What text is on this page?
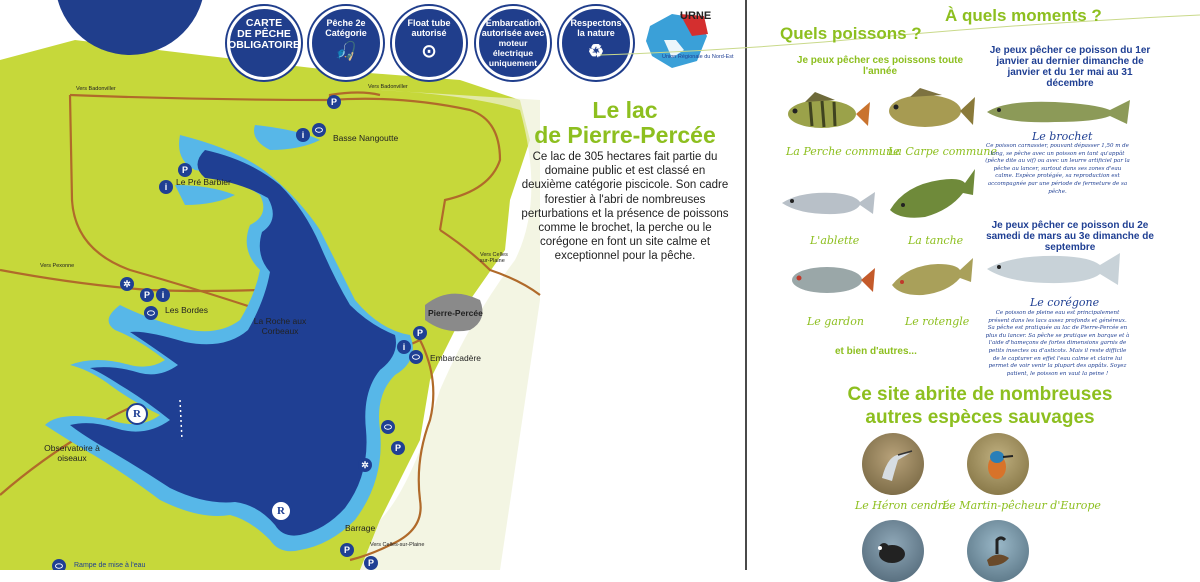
CARTE
DE PÊCHE
OBLIGATOIRE
Pêche 2e
Catégorie
🎣
Float tube
autorisé
⊙
Embarcation
autorisée avec
moteur électrique uniquement
Respectons
la nature
♻
URNE
Union Régionale du Nord-Est
Le lac
de Pierre-Percée
Ce lac de 305 hectares fait partie du domaine public et est classé en deuxième catégorie piscicole. Son cadre forestier à l'abri de nombreuses perturbations et la présence de poissons comme le brochet, la perche ou le corégone en font un site calme et exceptionnel pour la pêche.
Vers Badonviller	Vers Badonviller
Vers Pexonne
Vers Celles sur-Plaine
Vers Celles-sur-Plaine
Basse Nangoutte
Le Pré Barbier
Les Bordes
La Roche aux Corbeaux
Pierre-Percée
Embarcadère
Observatoire à oiseaux
Barrage
i	⬭
P
P
i
✲
P	i
⬭
P
i
⬭
⬭
P
✲
P
P
R
R
⬭	Rampe de mise à l'eau
À quels moments ?
Quels poissons ?
Je peux pêcher ces poissons toute l'année
Je peux pêcher ce poisson du 1er janvier au dernier dimanche de janvier et du 1er mai au 31 décembre
Je peux pêcher ce poisson du 2e samedi de mars au 3e dimanche de septembre
La Perche commune
La Carpe commune
Le brochet
L'ablette	La tanche
Le gardon	Le rotengle
Le corégone
Ce poisson carnassier, pouvant dépasser 1,50 m de long, se pêche avec un poisson en tant qu'appât (pêche dite au vif) ou avec un leurre artificiel par la pêche au lancer, surtout dans ses zones d'eau calme. Espèce protégée, sa reproduction est accompagnée par une période de fermeture de sa pêche.
Ce poisson de pleine eau est principalement présent dans les lacs assez profonds et généreux. Sa pêche est pratiquée au lac de Pierre-Percée en plus du lancer. Sa pêche se pratique en barque et à l'aide d'hameçons de fortes dimensions garnis de petits insectes ou d'asticots. Mais il reste difficile de le capturer en effet l'eau calme et claire lui permet de voir venir la plupart des appâts. Soyez patient, le poisson en vaut la peine !
et bien d'autres...
Ce site abrite de nombreuses
autres espèces sauvages
Le Héron cendré
Le Martin-pêcheur d'Europe
